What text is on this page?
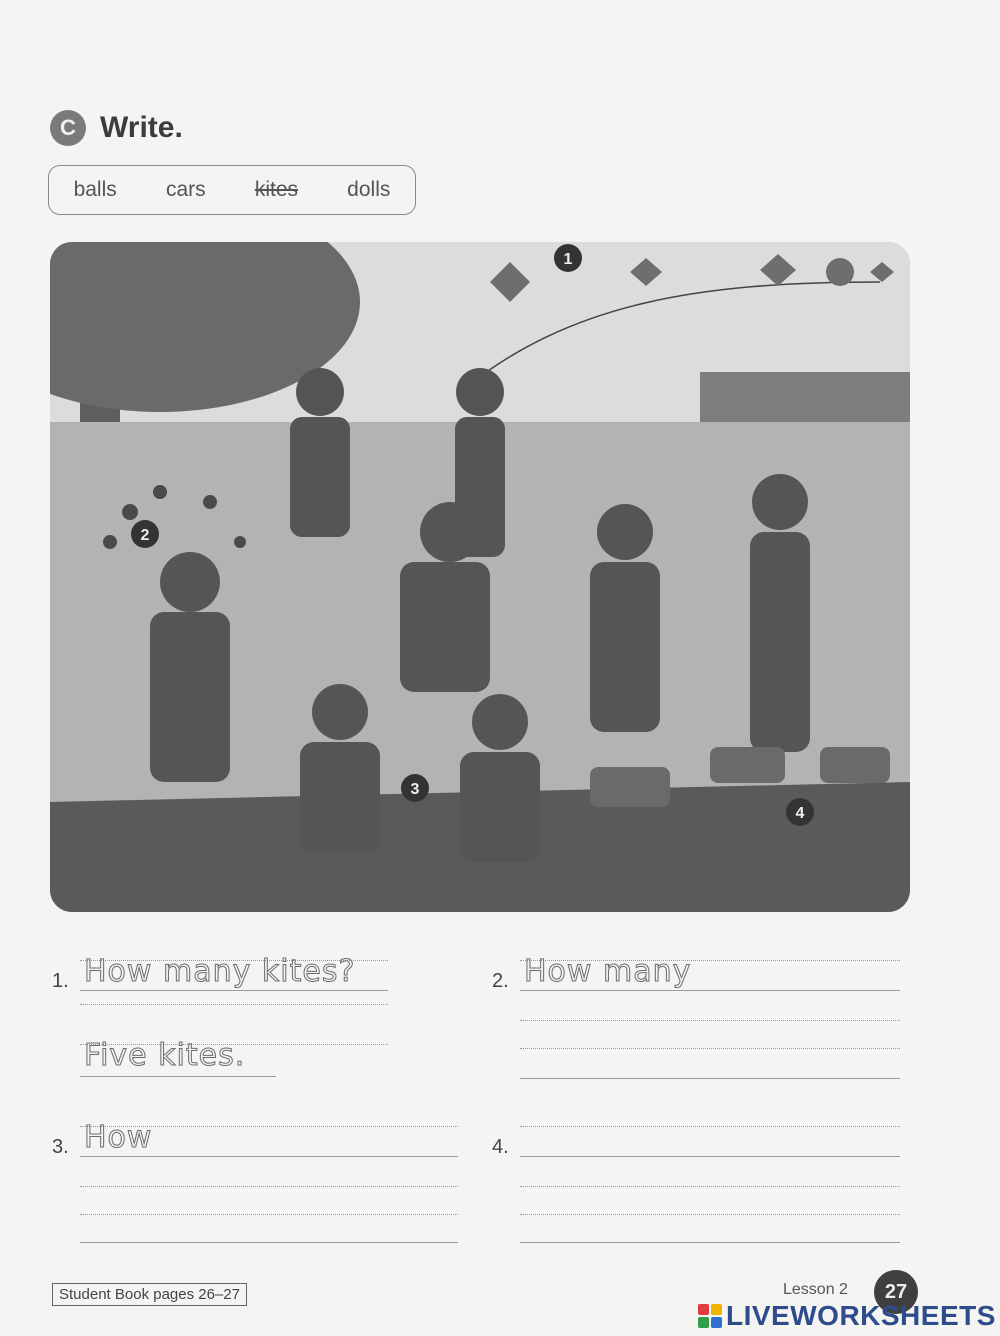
C Write.
balls cars kites dolls
1
2
3
4
1. How many kites?
Five kites.
2. How many
3. How	4.
Student Book pages 26–27	Lesson 2	27
LIVEWORKSHEETS
